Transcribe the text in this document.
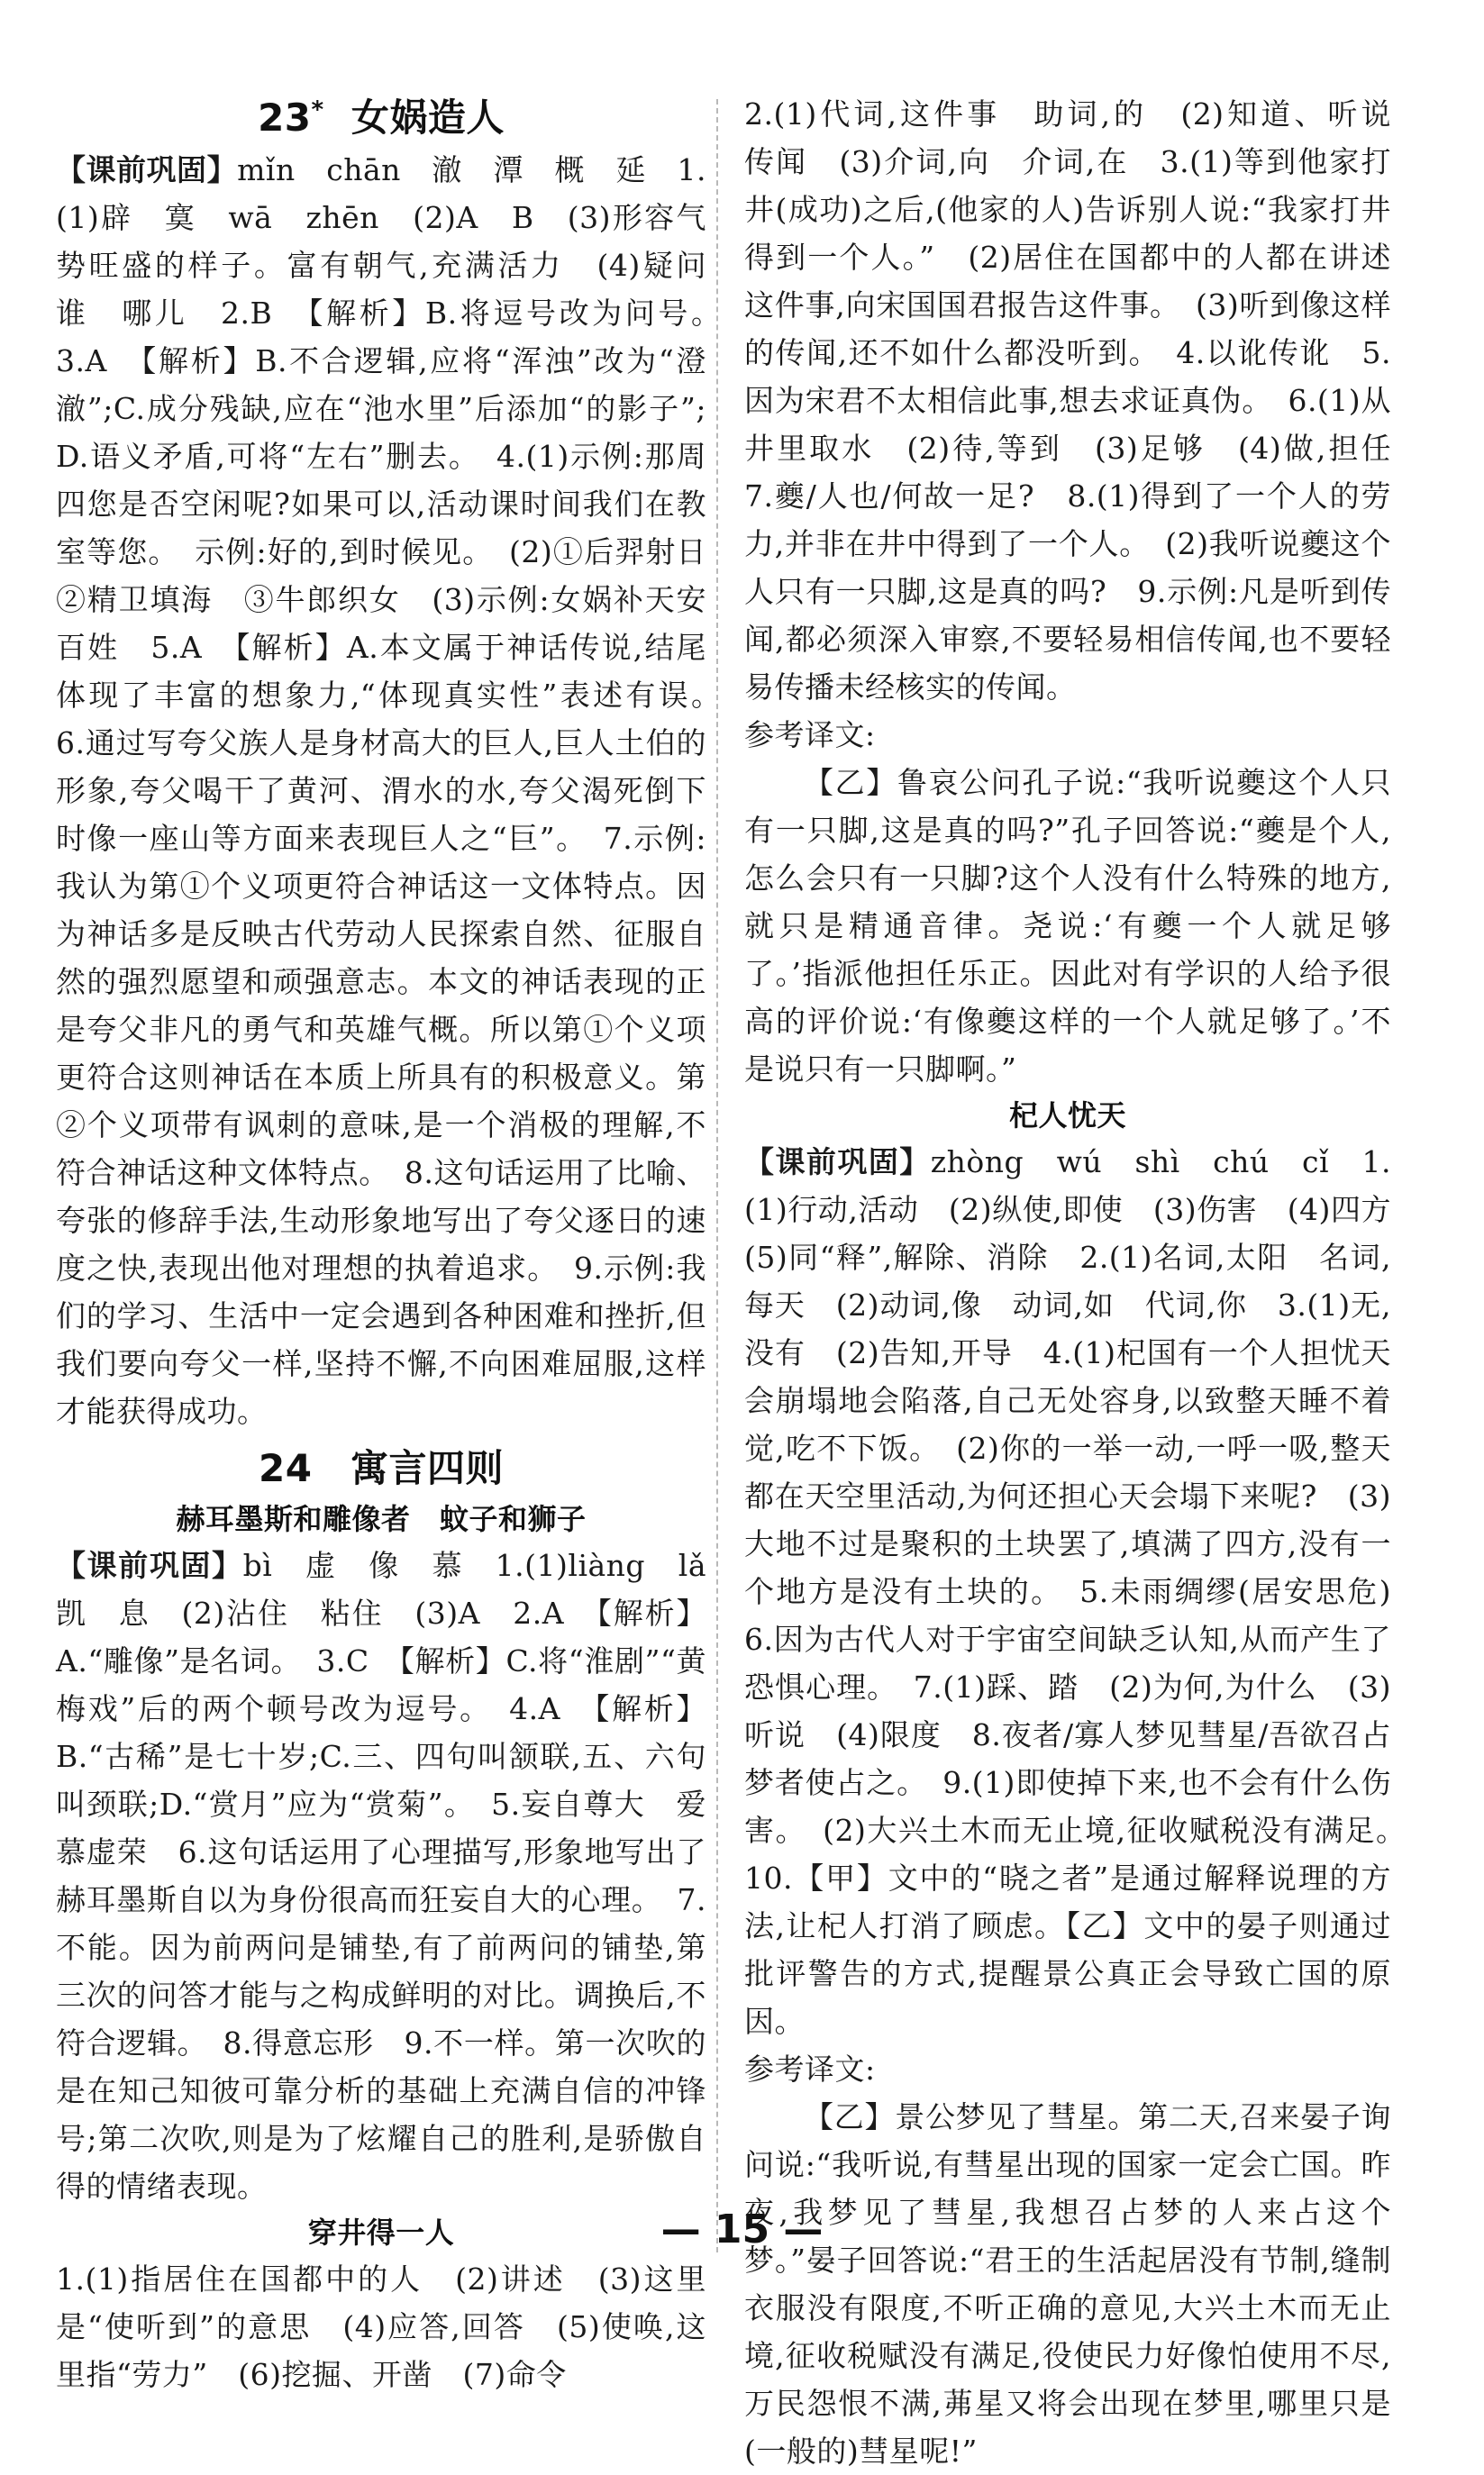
23* 女娲造人

【课前巩固】mǐn　chān　澈　潭　概　延　1.(1)辟　寞　wā　zhēn　(2)A　B　(3)形容气势旺盛的样子。富有朝气,充满活力　(4)疑问　谁　哪儿　2.B　【解析】B.将逗号改为问号。　3.A　【解析】B.不合逻辑,应将“浑浊”改为“澄澈”;C.成分残缺,应在“池水里”后添加“的影子”;D.语义矛盾,可将“左右”删去。　4.(1)示例:那周四您是否空闲呢?如果可以,活动课时间我们在教室等您。　示例:好的,到时候见。　(2)①后羿射日　②精卫填海　③牛郎织女　(3)示例:女娲补天安百姓　5.A　【解析】A.本文属于神话传说,结尾体现了丰富的想象力,“体现真实性”表述有误。　6.通过写夸父族人是身材高大的巨人,巨人土伯的形象,夸父喝干了黄河、渭水的水,夸父渴死倒下时像一座山等方面来表现巨人之“巨”。　7.示例:我认为第①个义项更符合神话这一文体特点。因为神话多是反映古代劳动人民探索自然、征服自然的强烈愿望和顽强意志。本文的神话表现的正是夸父非凡的勇气和英雄气概。所以第①个义项更符合这则神话在本质上所具有的积极意义。第②个义项带有讽刺的意味,是一个消极的理解,不符合神话这种文体特点。　8.这句话运用了比喻、夸张的修辞手法,生动形象地写出了夸父逐日的速度之快,表现出他对理想的执着追求。　9.示例:我们的学习、生活中一定会遇到各种困难和挫折,但我们要向夸父一样,坚持不懈,不向困难屈服,这样才能获得成功。

24　寓言四则
赫耳墨斯和雕像者　蚊子和狮子

【课前巩固】bì　虚　像　慕　1.(1)liàng　lǎ　凯　息　(2)沾住　粘住　(3)A　2.A　【解析】A.“雕像”是名词。　3.C　【解析】C.将“淮剧”“黄梅戏”后的两个顿号改为逗号。　4.A　【解析】B.“古稀”是七十岁;C.三、四句叫颔联,五、六句叫颈联;D.“赏月”应为“赏菊”。　5.妄自尊大　爱慕虚荣　6.这句话运用了心理描写,形象地写出了赫耳墨斯自以为身份很高而狂妄自大的心理。　7.不能。因为前两问是铺垫,有了前两问的铺垫,第三次的问答才能与之构成鲜明的对比。调换后,不符合逻辑。　8.得意忘形　9.不一样。第一次吹的是在知己知彼可靠分析的基础上充满自信的冲锋号;第二次吹,则是为了炫耀自己的胜利,是骄傲自得的情绪表现。

穿井得一人

1.(1)指居住在国都中的人　(2)讲述　(3)这里是“使听到”的意思　(4)应答,回答　(5)使唤,这里指“劳力”　(6)挖掘、开凿　(7)命令

2.(1)代词,这件事　助词,的　(2)知道、听说　传闻　(3)介词,向　介词,在　3.(1)等到他家打井(成功)之后,(他家的人)告诉别人说:“我家打井得到一个人。”　(2)居住在国都中的人都在讲述这件事,向宋国国君报告这件事。　(3)听到像这样的传闻,还不如什么都没听到。　4.以讹传讹　5.因为宋君不太相信此事,想去求证真伪。　6.(1)从井里取水　(2)待,等到　(3)足够　(4)做,担任　7.夔/人也/何故一足?　8.(1)得到了一个人的劳力,并非在井中得到了一个人。　(2)我听说夔这个人只有一只脚,这是真的吗?　9.示例:凡是听到传闻,都必须深入审察,不要轻易相信传闻,也不要轻易传播未经核实的传闻。

参考译文:

【乙】鲁哀公问孔子说:“我听说夔这个人只有一只脚,这是真的吗?”孔子回答说:“夔是个人,怎么会只有一只脚?这个人没有什么特殊的地方,就只是精通音律。尧说:‘有夔一个人就足够了。’指派他担任乐正。因此对有学识的人给予很高的评价说:‘有像夔这样的一个人就足够了。’不是说只有一只脚啊。”

杞人忧天

【课前巩固】zhòng　wú　shì　chú　cǐ　1.(1)行动,活动　(2)纵使,即使　(3)伤害　(4)四方　(5)同“释”,解除、消除　2.(1)名词,太阳　名词,每天　(2)动词,像　动词,如　代词,你　3.(1)无,没有　(2)告知,开导　4.(1)杞国有一个人担忧天会崩塌地会陷落,自己无处容身,以致整天睡不着觉,吃不下饭。　(2)你的一举一动,一呼一吸,整天都在天空里活动,为何还担心天会塌下来呢?　(3)大地不过是聚积的土块罢了,填满了四方,没有一个地方是没有土块的。　5.未雨绸缪(居安思危)　6.因为古代人对于宇宙空间缺乏认知,从而产生了恐惧心理。　7.(1)踩、踏　(2)为何,为什么　(3)听说　(4)限度　8.夜者/寡人梦见彗星/吾欲召占梦者使占之。　9.(1)即使掉下来,也不会有什么伤害。　(2)大兴土木而无止境,征收赋税没有满足。　10.【甲】文中的“晓之者”是通过解释说理的方法,让杞人打消了顾虑。【乙】文中的晏子则通过批评警告的方式,提醒景公真正会导致亡国的原因。

参考译文:

【乙】景公梦见了彗星。第二天,召来晏子询问说:“我听说,有彗星出现的国家一定会亡国。昨夜,我梦见了彗星,我想召占梦的人来占这个梦。”晏子回答说:“君王的生活起居没有节制,缝制衣服没有限度,不听正确的意见,大兴土木而无止境,征收税赋没有满足,役使民力好像怕使用不尽,万民怨恨不满,茀星又将会出现在梦里,哪里只是(一般的)彗星呢!”

— 15 —
